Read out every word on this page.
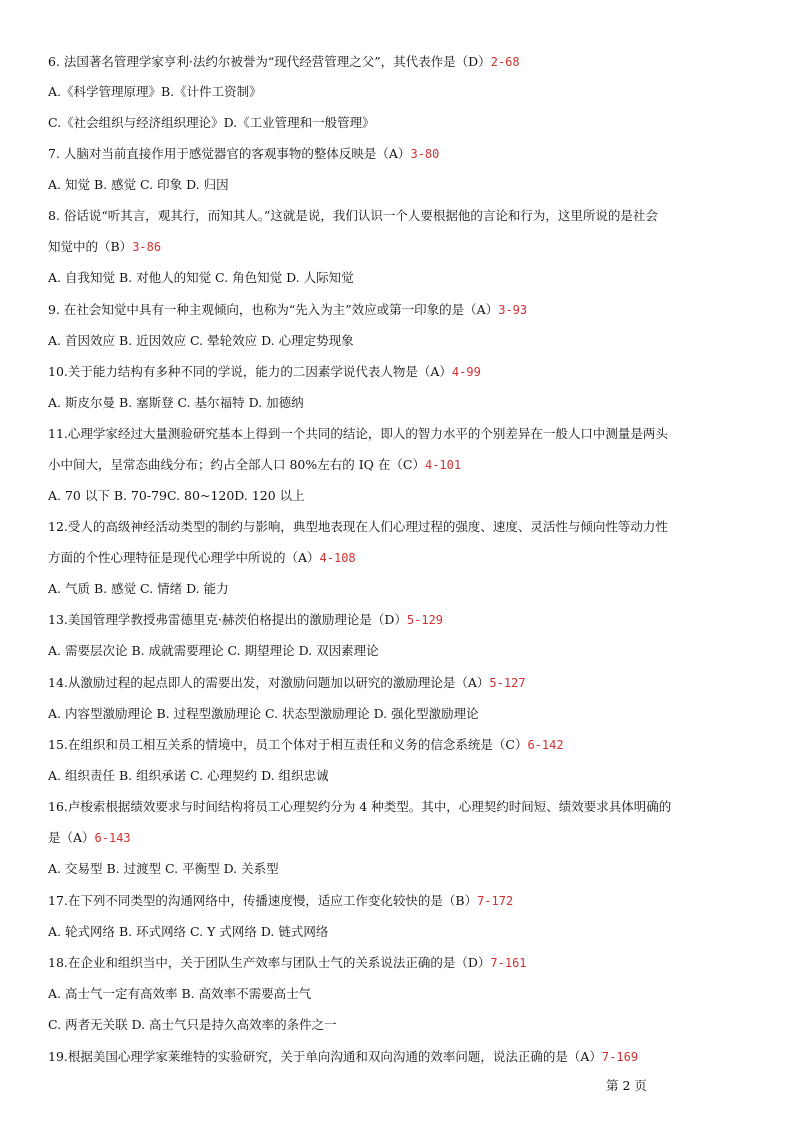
6. 法国著名管理学家亨利·法约尔被誉为“现代经营管理之父”，其代表作是（D）2-68
A.《科学管理原理》B.《计件工资制》
C.《社会组织与经济组织理论》D.《工业管理和一般管理》
7. 人脑对当前直接作用于感觉器官的客观事物的整体反映是（A）3-80
A. 知觉 B. 感觉 C. 印象 D. 归因
8. 俗话说“听其言，观其行，而知其人。”这就是说，我们认识一个人要根据他的言论和行为，这里所说的是社会
知觉中的（B）3-86
A. 自我知觉 B. 对他人的知觉 C. 角色知觉 D. 人际知觉
9. 在社会知觉中具有一种主观倾向，也称为“先入为主”效应或第一印象的是（A）3-93
A. 首因效应 B. 近因效应 C. 晕轮效应 D. 心理定势现象
10.关于能力结构有多种不同的学说，能力的二因素学说代表人物是（A）4-99
A. 斯皮尔曼 B. 塞斯登 C. 基尔福特 D. 加德纳
11.心理学家经过大量测验研究基本上得到一个共同的结论，即人的智力水平的个别差异在一般人口中测量是两头
小中间大，呈常态曲线分布；约占全部人口 80%左右的 IQ 在（C）4-101
A. 70 以下 B. 70-79C. 80~120D. 120 以上
12.受人的高级神经活动类型的制约与影响，典型地表现在人们心理过程的强度、速度、灵活性与倾向性等动力性
方面的个性心理特征是现代心理学中所说的（A）4-108
A. 气质 B. 感觉 C. 情绪 D. 能力
13.美国管理学教授弗雷德里克·赫茨伯格提出的激励理论是（D）5-129
A. 需要层次论 B. 成就需要理论 C. 期望理论 D. 双因素理论
14.从激励过程的起点即人的需要出发，对激励问题加以研究的激励理论是（A）5-127
A. 内容型激励理论 B. 过程型激励理论 C. 状态型激励理论 D. 强化型激励理论
15.在组织和员工相互关系的情境中，员工个体对于相互责任和义务的信念系统是（C）6-142
A. 组织责任 B. 组织承诺 C. 心理契约 D. 组织忠诚
16.卢梭索根据绩效要求与时间结构将员工心理契约分为 4 种类型。其中，心理契约时间短、绩效要求具体明确的
是（A）6-143
A. 交易型 B. 过渡型 C. 平衡型 D. 关系型
17.在下列不同类型的沟通网络中，传播速度慢，适应工作变化较快的是（B）7-172
A. 轮式网络 B. 环式网络 C. Y 式网络 D. 链式网络
18.在企业和组织当中，关于团队生产效率与团队士气的关系说法正确的是（D）7-161
A. 高士气一定有高效率 B. 高效率不需要高士气
C. 两者无关联 D. 高士气只是持久高效率的条件之一
19.根据美国心理学家莱维特的实验研究，关于单向沟通和双向沟通的效率问题，说法正确的是（A）7-169
第 2 页
